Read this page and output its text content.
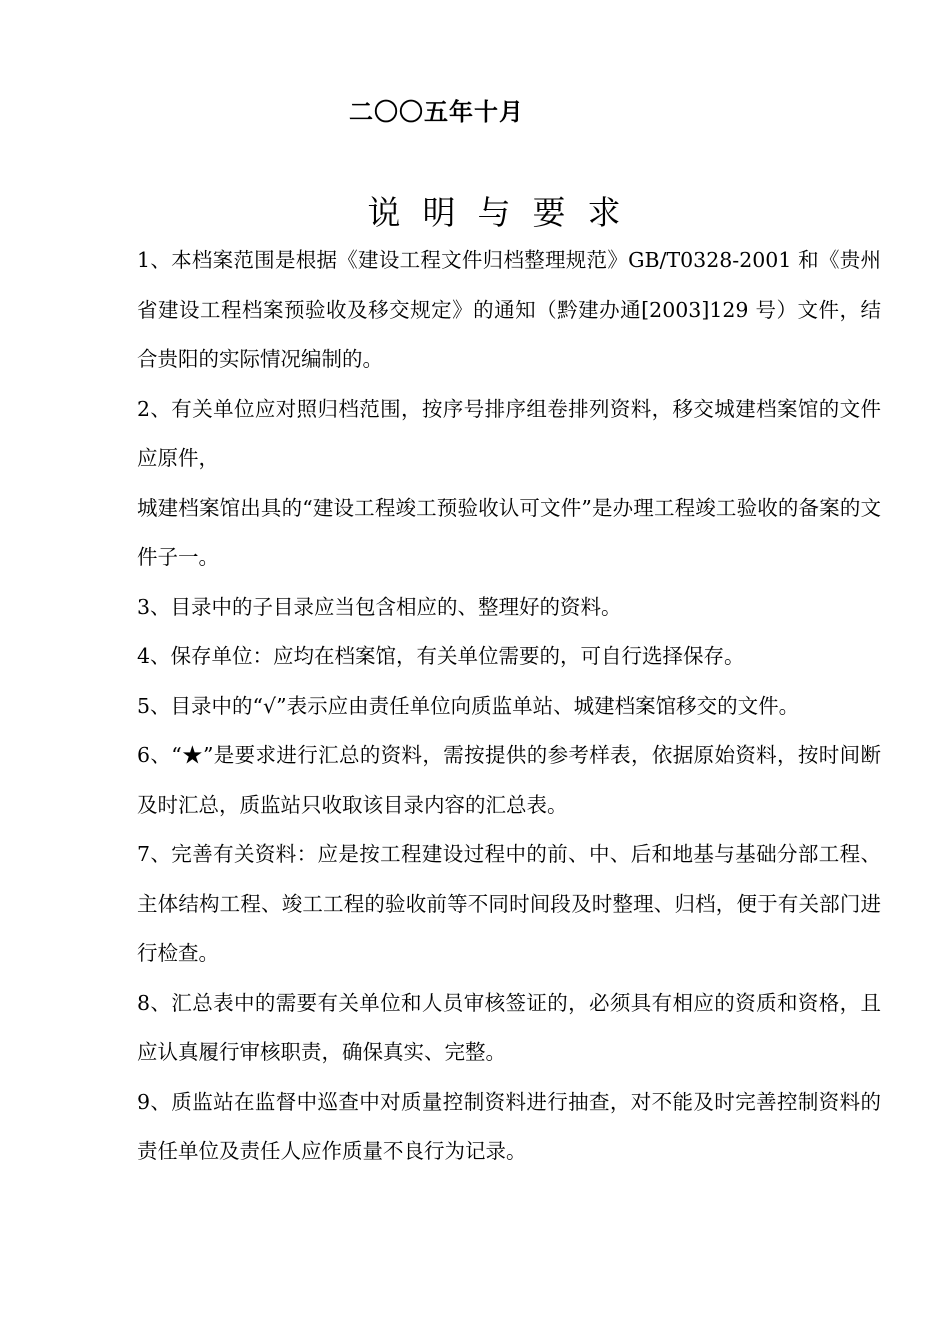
二〇〇五年十月
说明与要求

1、本档案范围是根据《建设工程文件归档整理规范》GB/T0328-2001 和《贵州省建设工程档案预验收及移交规定》的通知（黔建办通[2003]129 号）文件，结合贵阳的实际情况编制的。

2、有关单位应对照归档范围，按序号排序组卷排列资料，移交城建档案馆的文件应原件，

城建档案馆出具的“建设工程竣工预验收认可文件”是办理工程竣工验收的备案的文件子一。

3、目录中的子目录应当包含相应的、整理好的资料。

4、保存单位：应均在档案馆，有关单位需要的，可自行选择保存。

5、目录中的“√”表示应由责任单位向质监单站、城建档案馆移交的文件。

6、“★”是要求进行汇总的资料，需按提供的参考样表，依据原始资料，按时间断及时汇总，质监站只收取该目录内容的汇总表。

7、完善有关资料：应是按工程建设过程中的前、中、后和地基与基础分部工程、主体结构工程、竣工工程的验收前等不同时间段及时整理、归档，便于有关部门进行检查。

8、汇总表中的需要有关单位和人员审核签证的，必须具有相应的资质和资格，且应认真履行审核职责，确保真实、完整。

9、质监站在监督中巡查中对质量控制资料进行抽查，对不能及时完善控制资料的责任单位及责任人应作质量不良行为记录。
